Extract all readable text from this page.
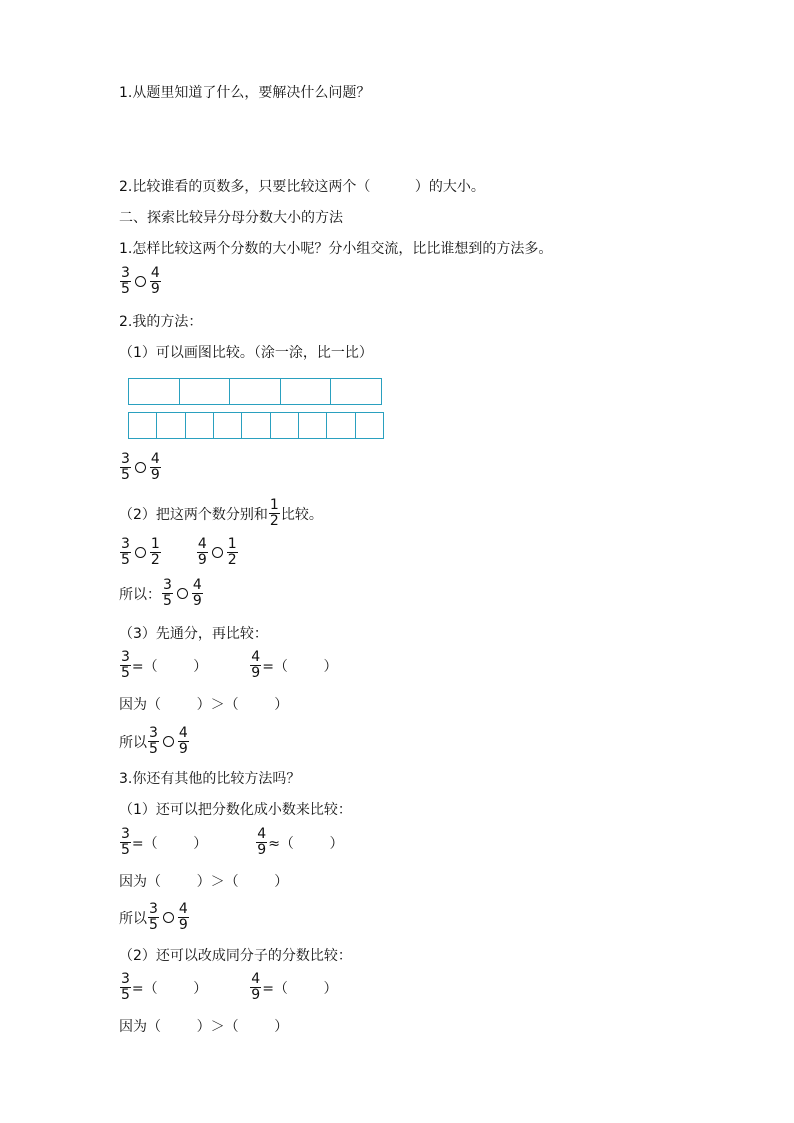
1.从题里知道了什么，要解决什么问题？
2.比较谁看的页数多，只要比较这两个（          ）的大小。
二、探索比较异分母分数大小的方法
1.怎样比较这两个分数的大小呢？分小组交流，比比谁想到的方法多。
$\frac{3}{5} \frac{4}{9}$
2.我的方法：
（1）可以画图比较。（涂一涂，比一比）
$\frac{3}{5} \frac{4}{9}$
（2）把这两个数分别和 $\frac{1}{2}$ 比较。
$\frac{3}{5} \frac{1}{2}$	$\frac{4}{9} \frac{1}{2}$
所以： $\frac{3}{5} \frac{4}{9}$
（3）先通分，再比较：
$\frac{3}{5}$ =（        ）	$\frac{4}{9}$ =（        ）
因为（        ）＞（        ）
所以 $\frac{3}{5} \frac{4}{9}$
3.你还有其他的比较方法吗？
（1）还可以把分数化成小数来比较：
$\frac{3}{5}$ =（        ）	$\frac{4}{9}$ ≈（        ）
因为（        ）＞（        ）
所以 $\frac{3}{5} \frac{4}{9}$
（2）还可以改成同分子的分数比较：
$\frac{3}{5}$ =（        ）	$\frac{4}{9}$ =（        ）
因为（        ）＞（        ）
